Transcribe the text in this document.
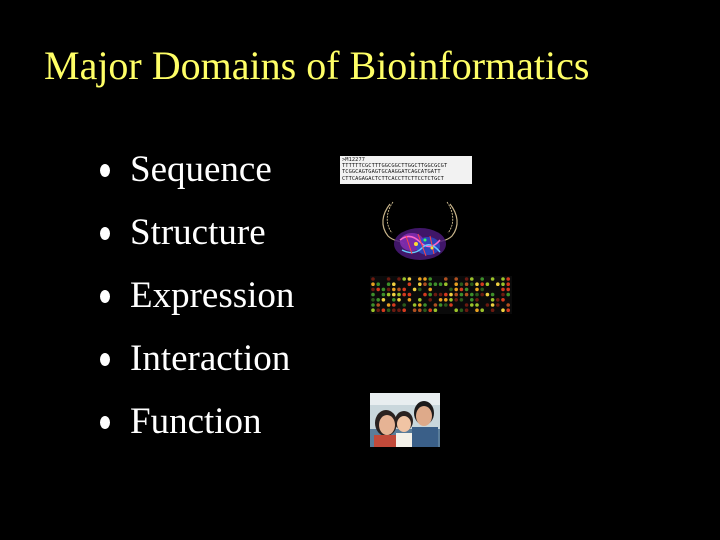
Major Domains of Bioinformatics
Sequence
Structure
Expression
Interaction
Function
>M12277
TTTTTTCGCTTTGGCGGCTTGGCTTGGCGCGT
TCGGCAGTGAGTGCAAGGATCAGCATGATT
CTTCAGAGACTCTTCACCTTCTTCCTCTGCT
